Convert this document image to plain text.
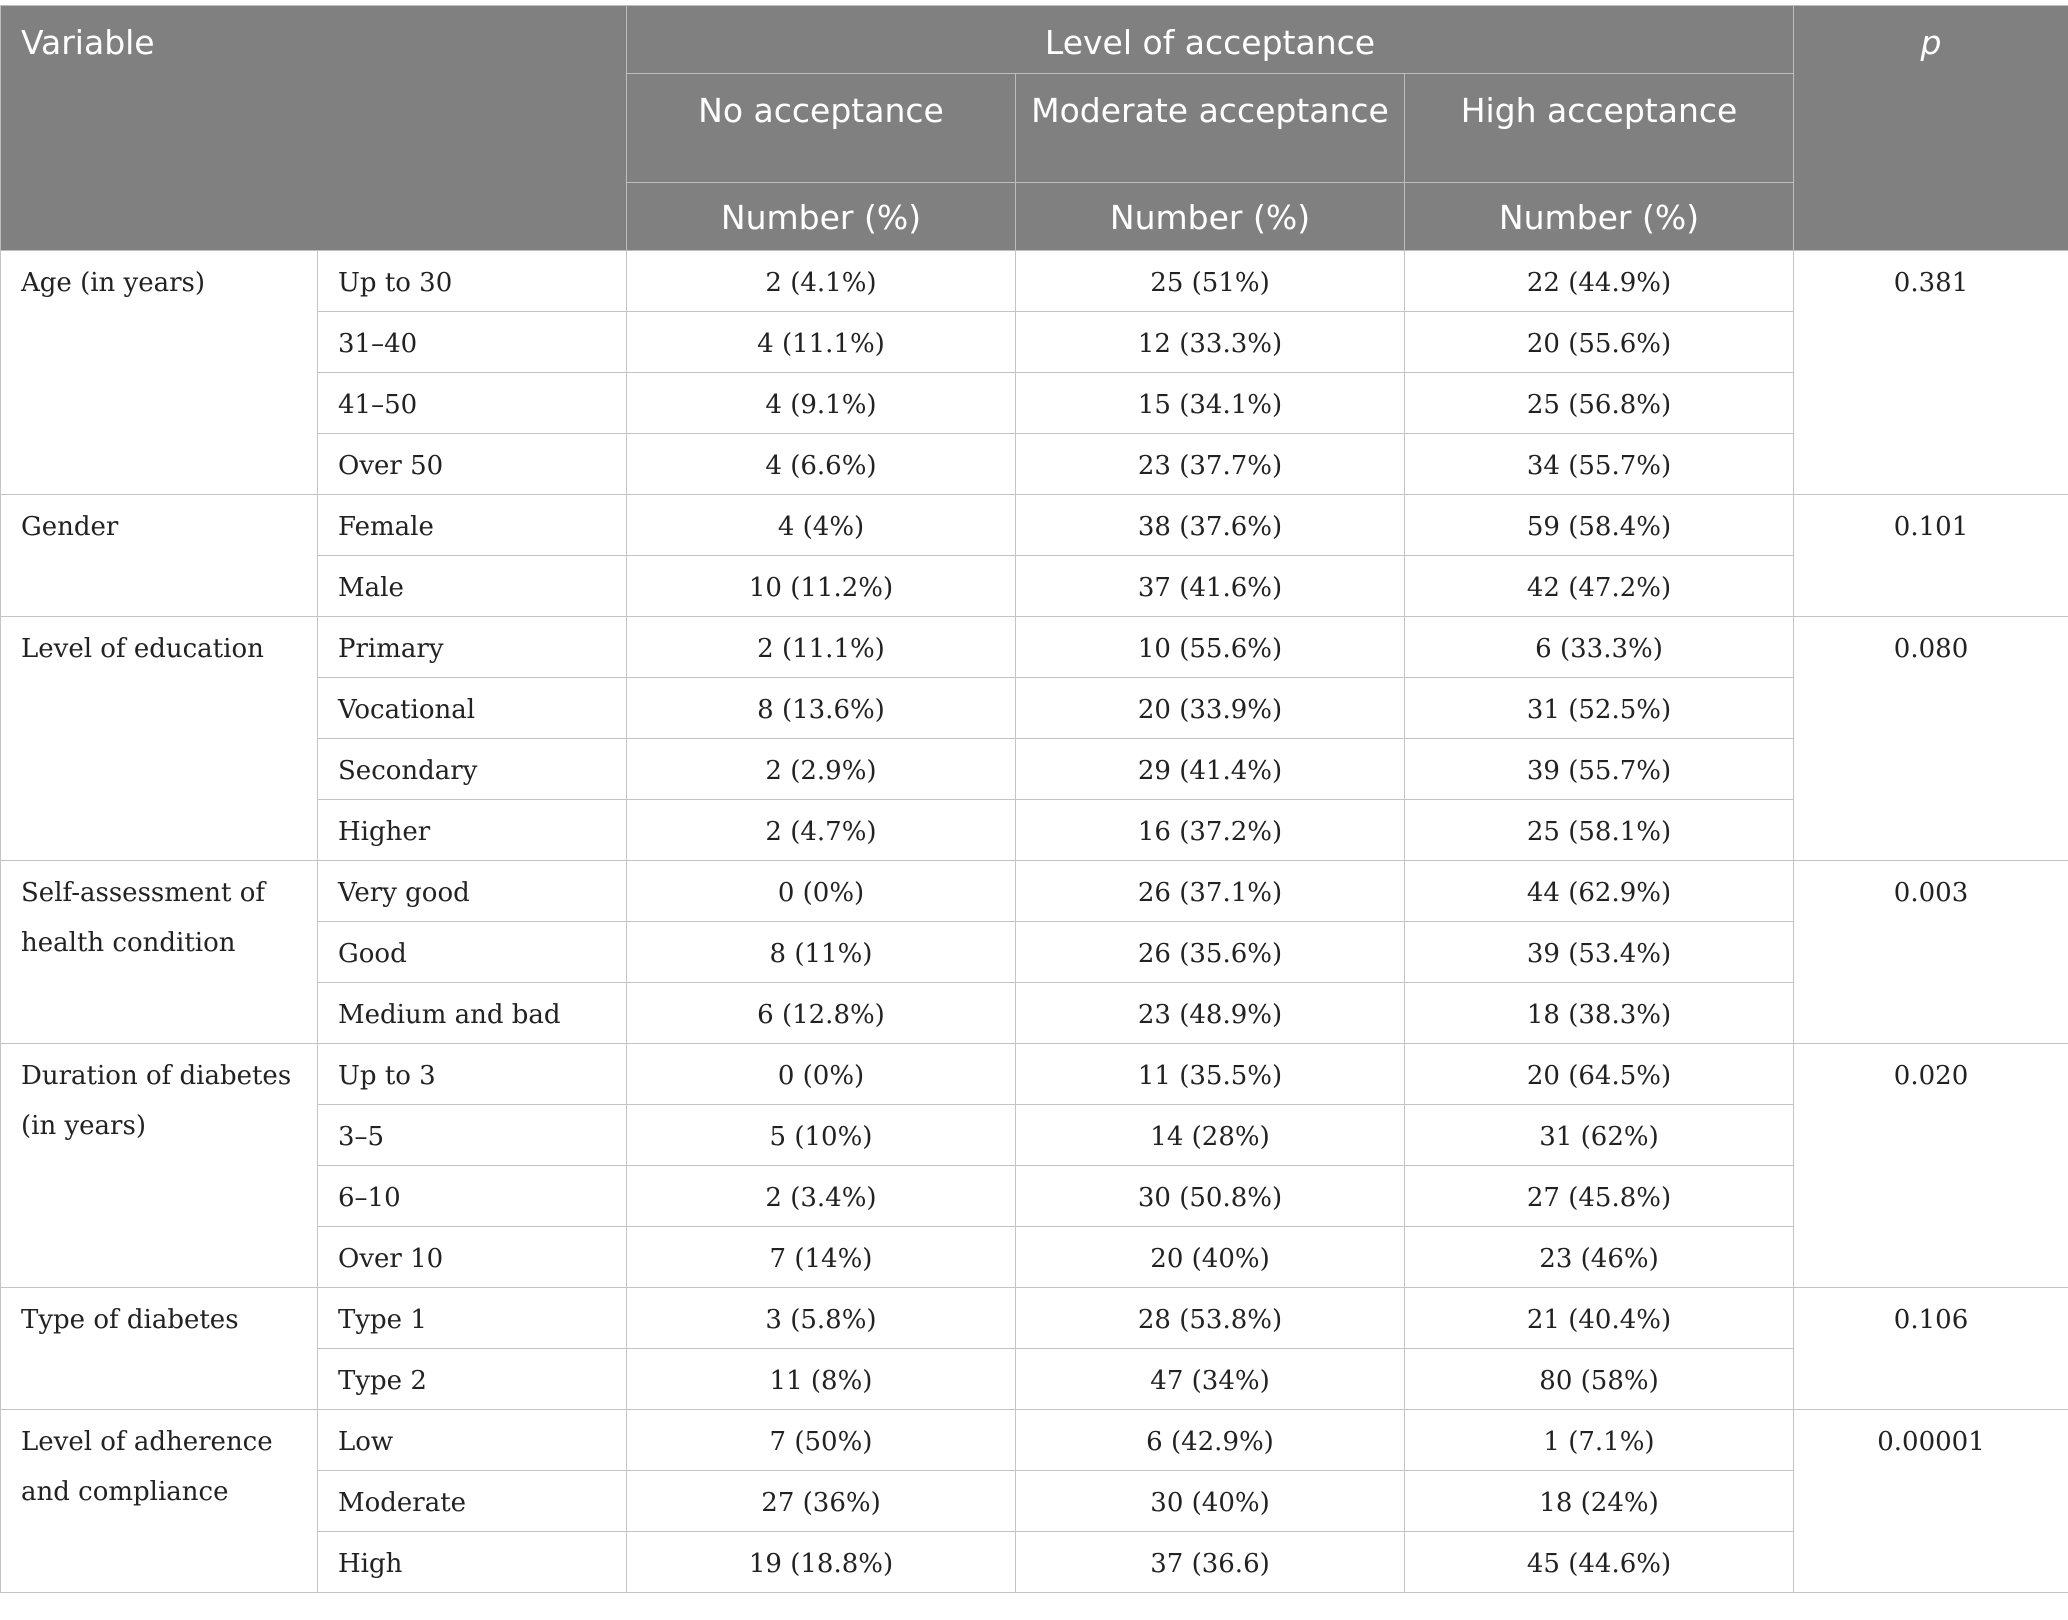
Variable		Level of acceptance			p
		No acceptance	Moderate acceptance	High acceptance	
		Number (%)	Number (%)	Number (%)	
Age (in years)	Up to 30	2 (4.1%)	25 (51%)	22 (44.9%)	0.381
	31–40	4 (11.1%)	12 (33.3%)	20 (55.6%)	
	41–50	4 (9.1%)	15 (34.1%)	25 (56.8%)	
	Over 50	4 (6.6%)	23 (37.7%)	34 (55.7%)	
Gender	Female	4 (4%)	38 (37.6%)	59 (58.4%)	0.101
	Male	10 (11.2%)	37 (41.6%)	42 (47.2%)	
Level of education	Primary	2 (11.1%)	10 (55.6%)	6 (33.3%)	0.080
	Vocational	8 (13.6%)	20 (33.9%)	31 (52.5%)	
	Secondary	2 (2.9%)	29 (41.4%)	39 (55.7%)	
	Higher	2 (4.7%)	16 (37.2%)	25 (58.1%)	
Self-assessment of health condition	Very good	0 (0%)	26 (37.1%)	44 (62.9%)	0.003
	Good	8 (11%)	26 (35.6%)	39 (53.4%)	
	Medium and bad	6 (12.8%)	23 (48.9%)	18 (38.3%)	
Duration of diabetes (in years)	Up to 3	0 (0%)	11 (35.5%)	20 (64.5%)	0.020
	3–5	5 (10%)	14 (28%)	31 (62%)	
	6–10	2 (3.4%)	30 (50.8%)	27 (45.8%)	
	Over 10	7 (14%)	20 (40%)	23 (46%)	
Type of diabetes	Type 1	3 (5.8%)	28 (53.8%)	21 (40.4%)	0.106
	Type 2	11 (8%)	47 (34%)	80 (58%)	
Level of adherence and compliance	Low	7 (50%)	6 (42.9%)	1 (7.1%)	0.00001
	Moderate	27 (36%)	30 (40%)	18 (24%)	
	High	19 (18.8%)	37 (36.6)	45 (44.6%)	
